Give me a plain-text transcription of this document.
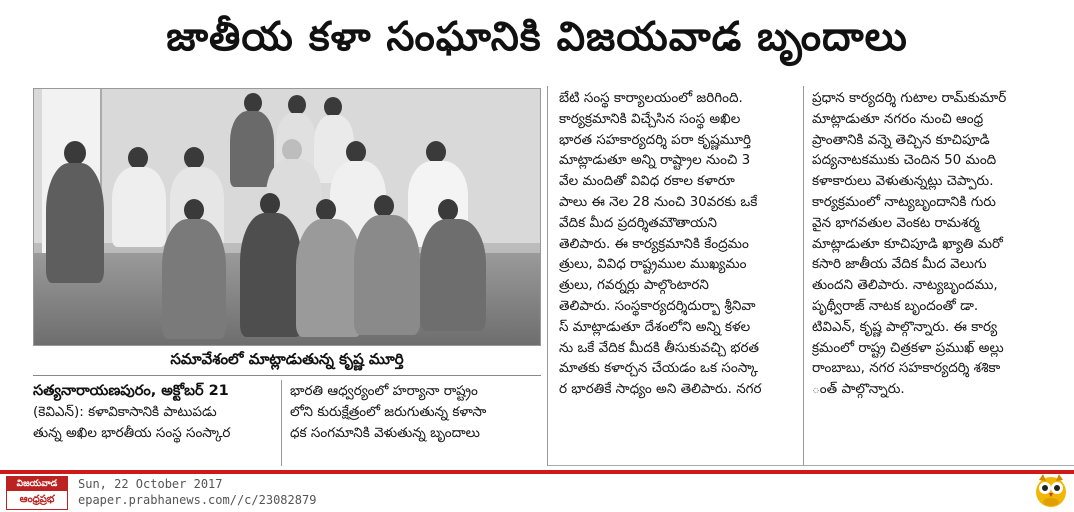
జాతీయ కళా సంఘానికి విజయవాడ బృందాలు
సమావేశంలో మాట్లాడుతున్న కృష్ణ మూర్తి
సత్యనారాయణపురం, అక్టోబర్ 21

(కెవిఎన్): కళావికాసానికి పాటుపడు

తున్న అఖిల భారతీయ సంస్థ సంస్కార

భారతి ఆధ్వర్యంలో హర్యానా రాష్ట్రం

లోని కురుక్షేత్రంలో జరుగుతున్న కళాసా

ధక సంగమానికి వెళుతున్న బృందాలు

బేటి సంస్థ కార్యాలయంలో జరిగింది.

కార్యక్రమానికి విచ్చేసిన సంస్థ అఖిల

భారత సహకార్యదర్శి పరా కృష్ణమూర్తి

మాట్లాడుతూ అన్ని రాష్ట్రాల నుంచి 3

వేల మందితో వివిధ రకాల కళారూ

పాలు ఈ నెల 28 నుంచి 30వరకు ఒకే

వేదిక మీద ప్రదర్శితమౌతాయని

తెలిపారు. ఈ కార్యక్రమానికి కేంద్రమం

త్రులు, వివిధ రాష్ట్రముల ముఖ్యమం

త్రులు, గవర్నర్లు పాల్గొంటారని

తెలిపారు. సంస్థకార్యదర్శిదుర్బా శ్రీనివా

స్ మాట్లాడుతూ దేశంలోని అన్ని కళల

ను ఒకే వేదిక మీదకి తీసుకువచ్చి భరత

మాతకు కళార్చన చేయడం ఒక సంస్కా

ర భారతికే సాధ్యం అని తెలిపారు. నగర

ప్రధాన కార్యదర్శి గుటాల రామ్‌కుమార్

మాట్లాడుతూ నగరం నుంచి ఆంధ్ర

ప్రాంతానికి వన్నె తెచ్చిన కూచిపూడి

పద్యనాటకముకు చెందిన 50 మంది

కళాకారులు వెళుతున్నట్లు చెప్పారు.

కార్యక్రమంలో నాట్యబృందానికి గురు

వైన భాగవతుల వెంకట రామశర్మ

మాట్లాడుతూ కూచిపూడి ఖ్యాతి మరో

కసారి జాతీయ వేదిక మీద వెలుగు

తుందని తెలిపారు. నాట్యబృందము,

పృథ్వీరాజ్ నాటక బృందంతో డా.

టివిఎన్, కృష్ణ పాల్గొన్నారు. ఈ కార్య

క్రమంలో రాష్ట్ర చిత్రకళా ప్రముఖ్ అల్లు

రాంబాబు, నగర సహకార్యదర్శి శశికా

ంత్ పాల్గొన్నారు.

విజయవాడ
ఆంధ్రప్రభ
Sun, 22 October 2017
epaper.prabhanews.com//c/23082879
